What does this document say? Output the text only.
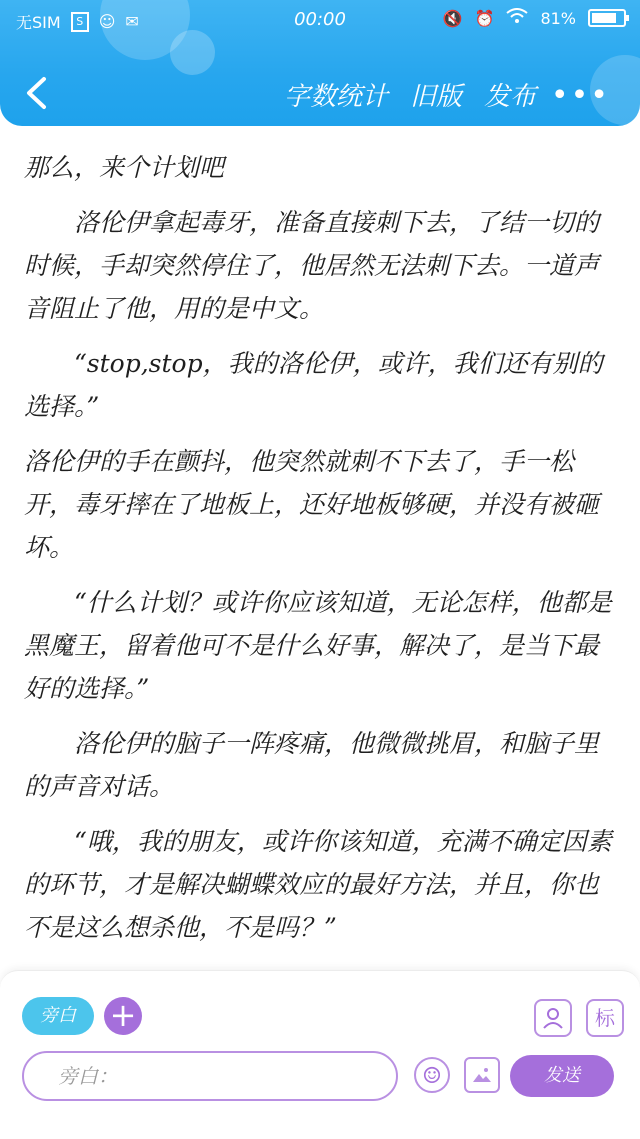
无SIM	S ☺ ✉	00:00	🔇 ⏰	81%
字数统计 旧版 发布 •••

那么，来个计划吧

洛伦伊拿起毒牙，准备直接刺下去，了结一切的时候，手却突然停住了，他居然无法刺下去。一道声音阻止了他，用的是中文。

“stop,stop，我的洛伦伊，或许，我们还有别的选择。”

洛伦伊的手在颤抖，他突然就刺不下去了，手一松开，毒牙摔在了地板上，还好地板够硬，并没有被砸坏。

“什么计划？或许你应该知道，无论怎样，他都是黑魔王，留着他可不是什么好事，解决了，是当下最好的选择。”

洛伦伊的脑子一阵疼痛，他微微挑眉，和脑子里的声音对话。

“哦，我的朋友，或许你该知道，充满不确定因素的环节，才是解决蝴蝶效应的最好方法，并且，你也不是这么想杀他，不是吗？”

旁白	+	标
旁白：	☺	发送
